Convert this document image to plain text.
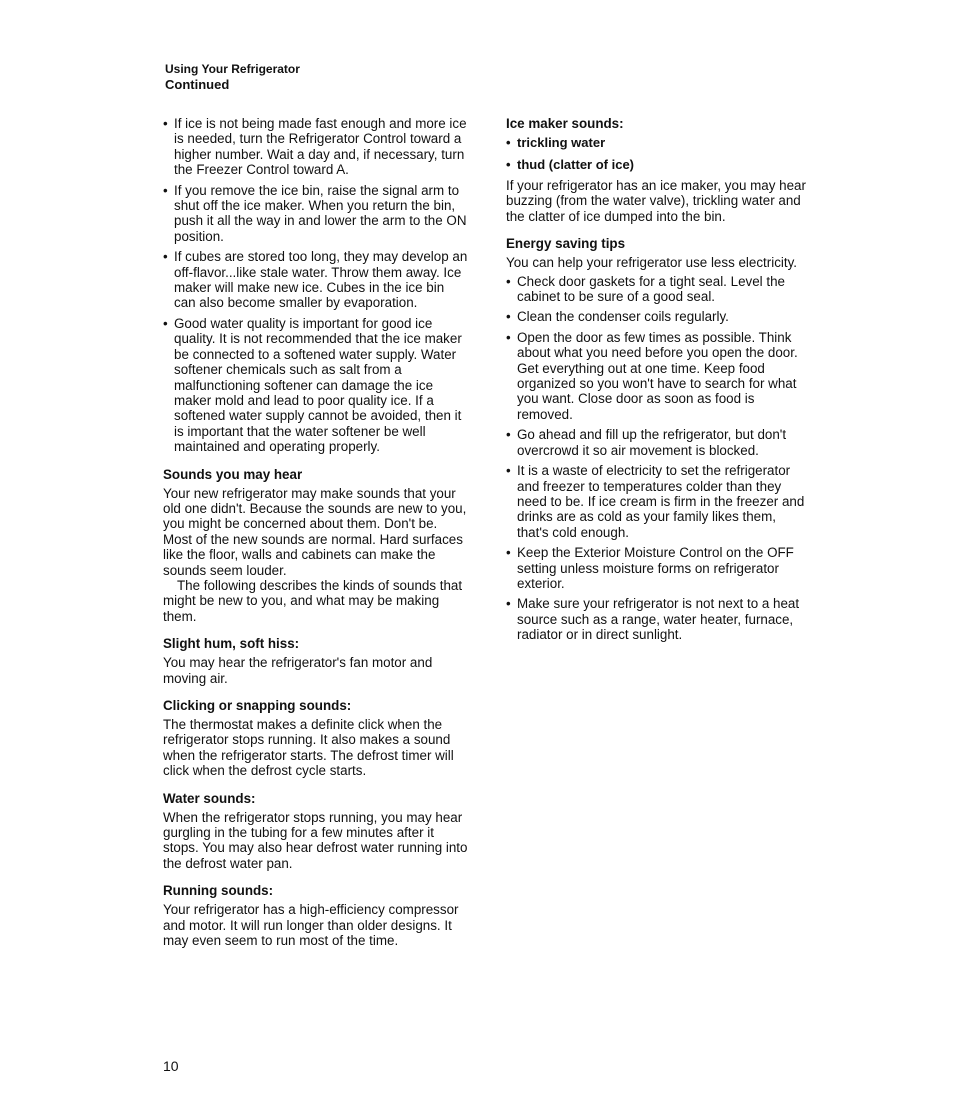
Using Your Refrigerator
Continued
• If ice is not being made fast enough and more ice is needed, turn the Refrigerator Control toward a higher number. Wait a day and, if necessary, turn the Freezer Control toward A.
• If you remove the ice bin, raise the signal arm to shut off the ice maker. When you return the bin, push it all the way in and lower the arm to the ON position.
• If cubes are stored too long, they may develop an off-flavor...like stale water. Throw them away. Ice maker will make new ice. Cubes in the ice bin can also become smaller by evaporation.
• Good water quality is important for good ice quality. It is not recommended that the ice maker be connected to a softened water supply. Water softener chemicals such as salt from a malfunctioning softener can damage the ice maker mold and lead to poor quality ice. If a softened water supply cannot be avoided, then it is important that the water softener be well maintained and operating properly.
Sounds you may hear

Your new refrigerator may make sounds that your old one didn't. Because the sounds are new to you, you might be concerned about them. Don't be. Most of the new sounds are normal. Hard surfaces like the floor, walls and cabinets can make the sounds seem louder.

The following describes the kinds of sounds that might be new to you, and what may be making them.

Slight hum, soft hiss:

You may hear the refrigerator's fan motor and moving air.

Clicking or snapping sounds:

The thermostat makes a definite click when the refrigerator stops running. It also makes a sound when the refrigerator starts. The defrost timer will click when the defrost cycle starts.

Water sounds:

When the refrigerator stops running, you may hear gurgling in the tubing for a few minutes after it stops. You may also hear defrost water running into the defrost water pan.

Running sounds:

Your refrigerator has a high-efficiency compressor and motor. It will run longer than older designs. It may even seem to run most of the time.

Ice maker sounds:
• trickling water
• thud (clatter of ice)

If your refrigerator has an ice maker, you may hear buzzing (from the water valve), trickling water and the clatter of ice dumped into the bin.

Energy saving tips

You can help your refrigerator use less electricity.

• Check door gaskets for a tight seal. Level the cabinet to be sure of a good seal.
• Clean the condenser coils regularly.
• Open the door as few times as possible. Think about what you need before you open the door. Get everything out at one time. Keep food organized so you won't have to search for what you want. Close door as soon as food is removed.
• Go ahead and fill up the refrigerator, but don't overcrowd it so air movement is blocked.
• It is a waste of electricity to set the refrigerator and freezer to temperatures colder than they need to be. If ice cream is firm in the freezer and drinks are as cold as your family likes them, that's cold enough.
• Keep the Exterior Moisture Control on the OFF setting unless moisture forms on refrigerator exterior.
• Make sure your refrigerator is not next to a heat source such as a range, water heater, furnace, radiator or in direct sunlight.
10
